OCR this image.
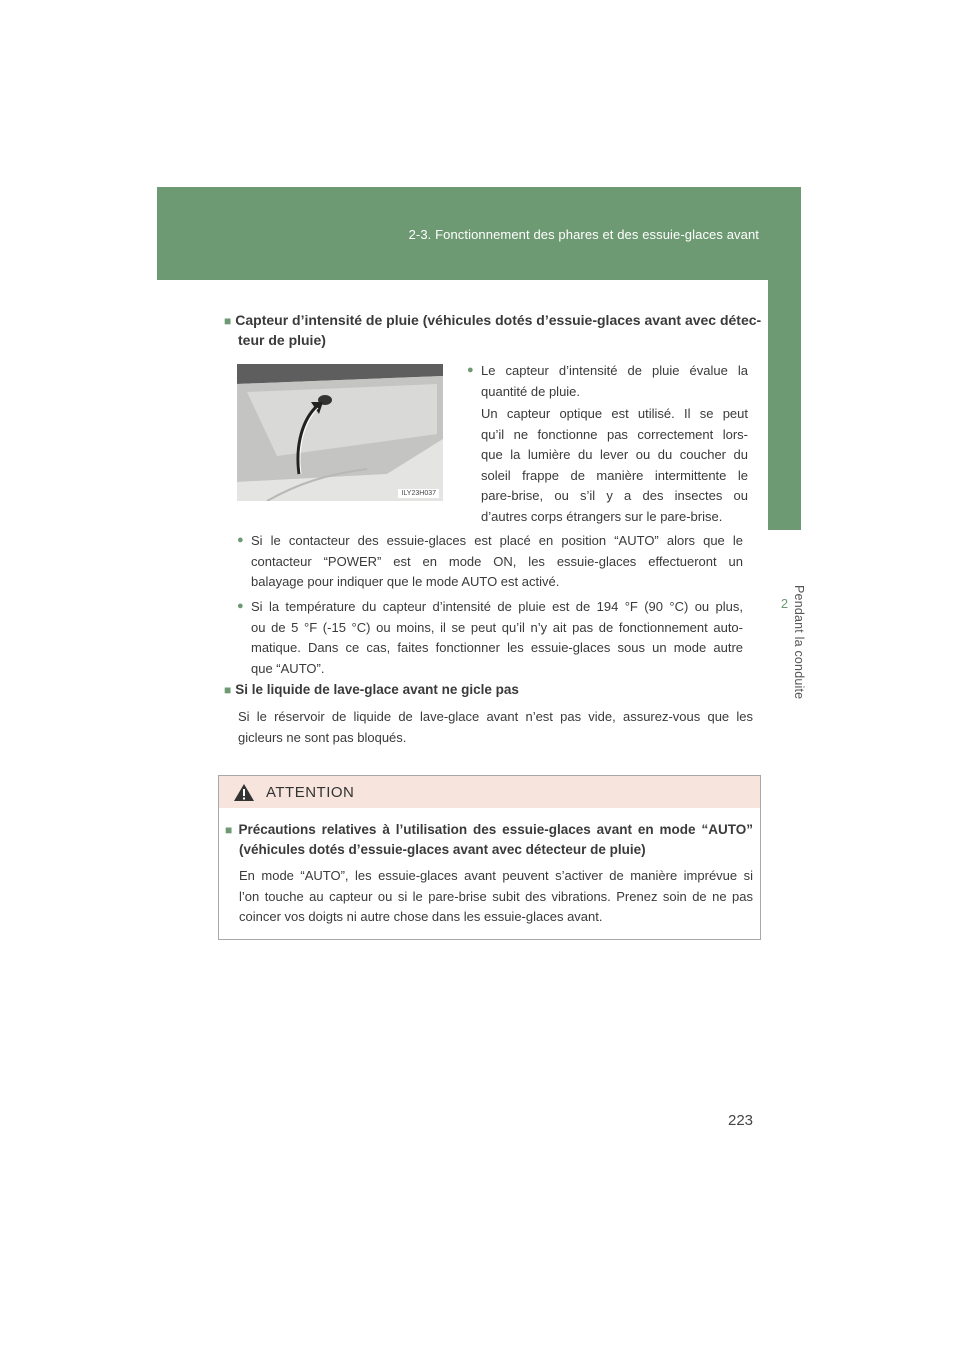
2-3. Fonctionnement des phares et des essuie-glaces avant
2 Pendant la conduite
■ Capteur d’intensité de pluie (véhicules dotés d’essuie-glaces avant avec détec-
teur de pluie)
ILY23H037
● Le capteur d’intensité de pluie évalue la
quantité de pluie.
Un capteur optique est utilisé. Il se peut
qu’il ne fonctionne pas correctement lors-
que la lumière du lever ou du coucher du
soleil frappe de manière intermittente le
pare-brise, ou s’il y a des insectes ou
d’autres corps étrangers sur le pare-brise.
● Si le contacteur des essuie-glaces est placé en position “AUTO” alors que le
contacteur “POWER” est en mode ON, les essuie-glaces effectueront un
balayage pour indiquer que le mode AUTO est activé.
● Si la température du capteur d’intensité de pluie est de 194 °F (90 °C) ou plus,
ou de 5 °F (-15 °C) ou moins, il se peut qu’il n’y ait pas de fonctionnement auto-
matique. Dans ce cas, faites fonctionner les essuie-glaces sous un mode autre
que “AUTO”.
■ Si le liquide de lave-glace avant ne gicle pas
Si le réservoir de liquide de lave-glace avant n’est pas vide, assurez-vous que les
gicleurs ne sont pas bloqués.
ATTENTION
■ Précautions relatives à l’utilisation des essuie-glaces avant en mode “AUTO”
(véhicules dotés d’essuie-glaces avant avec détecteur de pluie)
En mode “AUTO”, les essuie-glaces avant peuvent s’activer de manière imprévue si
l’on touche au capteur ou si le pare-brise subit des vibrations. Prenez soin de ne pas
coincer vos doigts ni autre chose dans les essuie-glaces avant.
223
